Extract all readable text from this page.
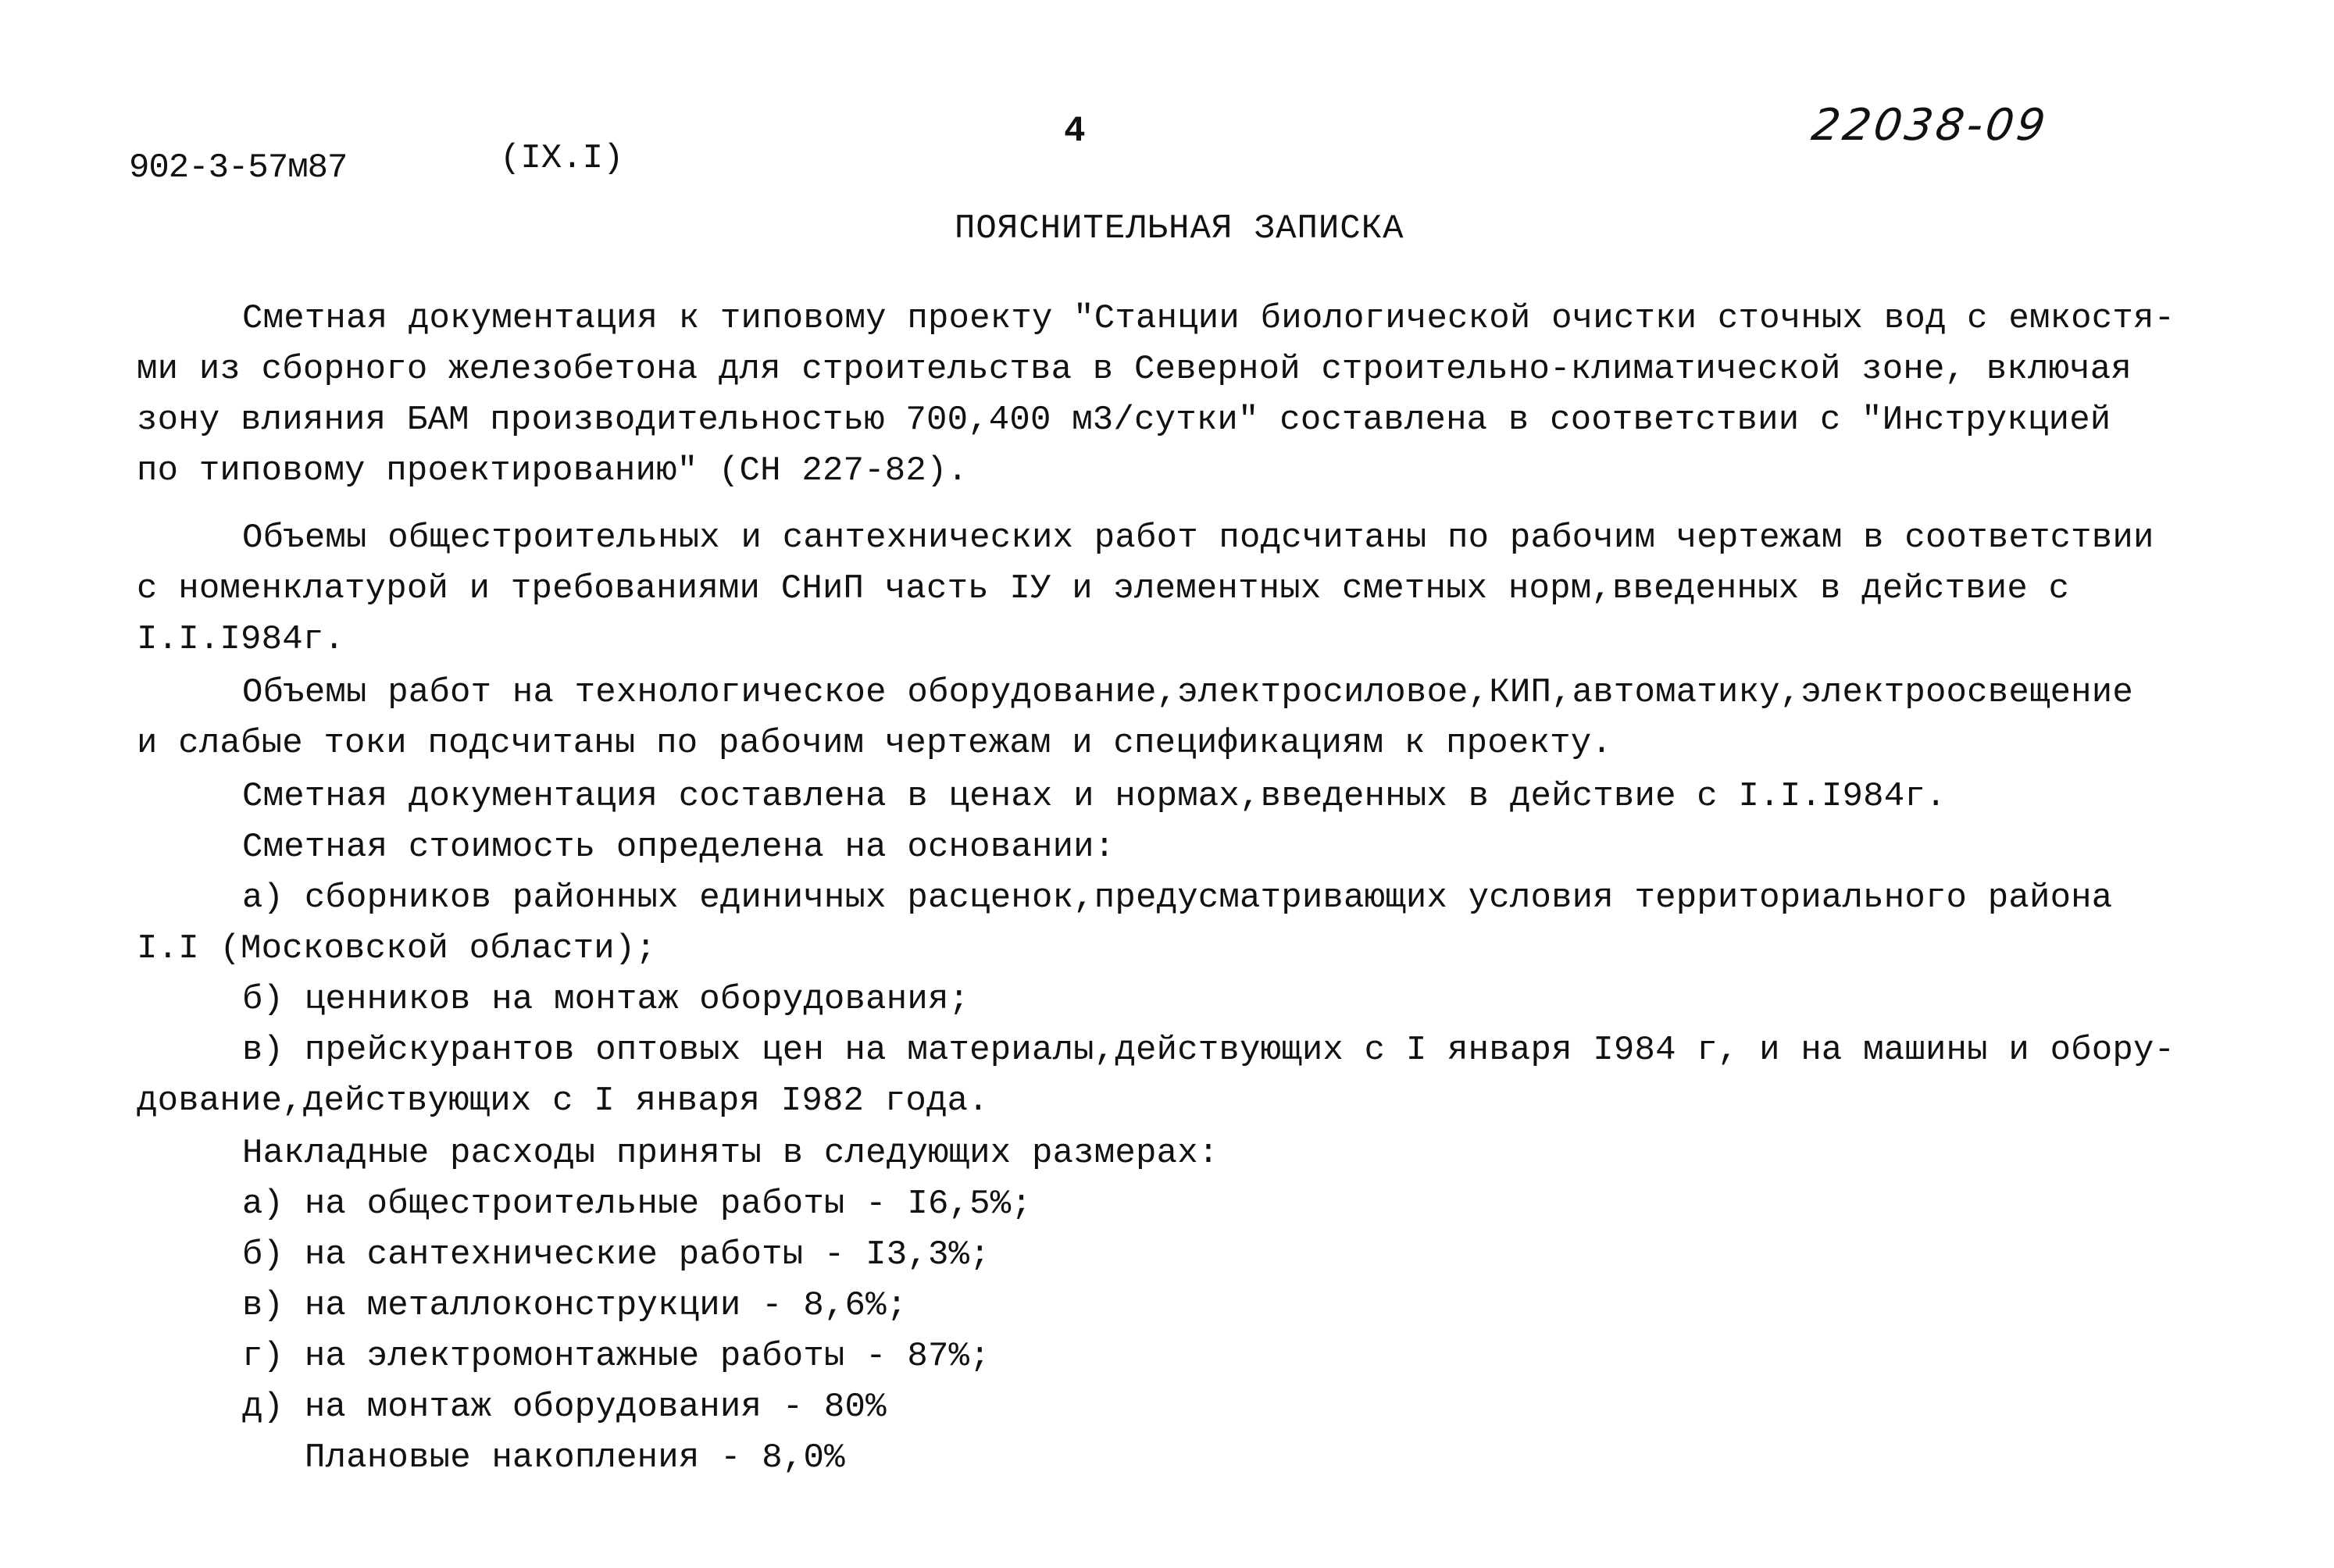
902-3-57м87	(IX.I)
4	22038-09
ПОЯСНИТЕЛЬНАЯ ЗАПИСКА
Сметная документация к типовому проекту "Станции биологической очистки сточных вод с емкостя-
ми из сборного железобетона для строительства в Северной строительно-климатической зоне, включая
зону влияния БАМ производительностью 700,400 м3/сутки" составлена в соответствии с "Инструкцией
по типовому проектированию" (СН 227-82).
Объемы общестроительных и сантехнических работ подсчитаны по рабочим чертежам в соответствии
с номенклатурой и требованиями СНиП часть IУ и элементных сметных норм,введенных в действие с
I.I.I984г.
Объемы работ на технологическое оборудование,электросиловое,КИП,автоматику,электроосвещение
и слабые токи подсчитаны по рабочим чертежам и спецификациям к проекту.
Сметная документация составлена в ценах и нормах,введенных в действие с I.I.I984г.
Сметная стоимость определена на основании:
а) сборников районных единичных расценок,предусматривающих условия территориального района
I.I (Московской области);
б) ценников на монтаж оборудования;
в) прейскурантов оптовых цен на материалы,действующих с I января I984 г, и на машины и обору-
дование,действующих с I января I982 года.
Накладные расходы приняты в следующих размерах:
а) на общестроительные работы - I6,5%;
б) на сантехнические работы - I3,3%;
в) на металлоконструкции - 8,6%;
г) на электромонтажные работы - 87%;
д) на монтаж оборудования - 80%
Плановые накопления - 8,0%
